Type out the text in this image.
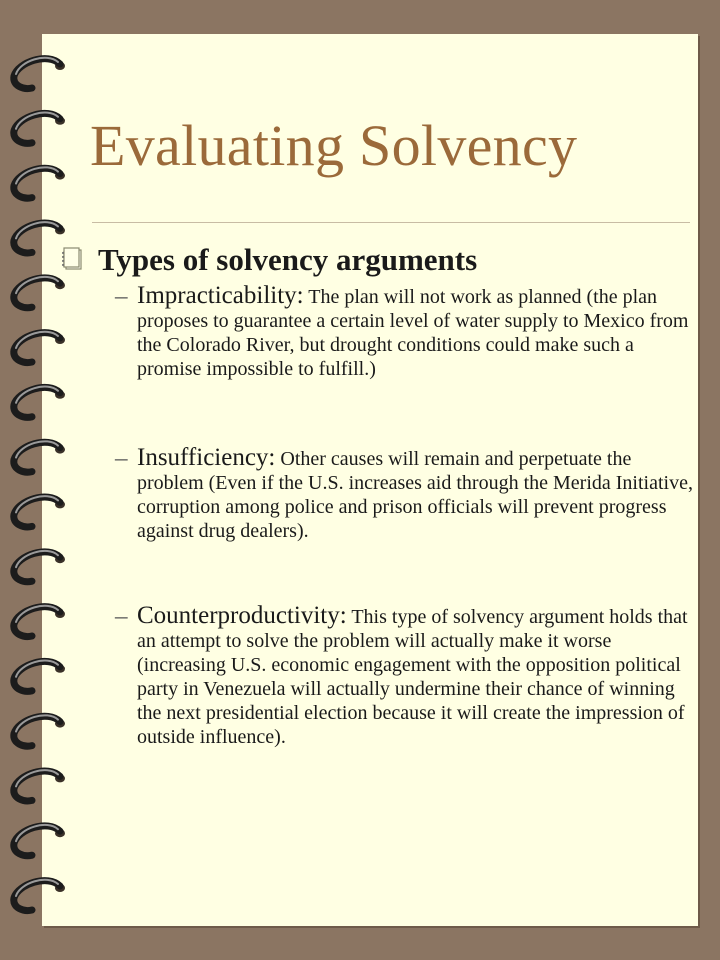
Evaluating Solvency
Types of solvency arguments
– Impracticability: The plan will not work as planned (the plan proposes to guarantee a certain level of water supply to Mexico from the Colorado River, but drought conditions could make such a promise impossible to fulfill.)

– Insufficiency: Other causes will remain and perpetuate the problem (Even if the U.S. increases aid through the Merida Initiative, corruption among police and prison officials will prevent progress against drug dealers).

– Counterproductivity: This type of solvency argument holds that an attempt to solve the problem will actually make it worse (increasing U.S. economic engagement with the opposition political party in Venezuela will actually undermine their chance of winning the next presidential election because it will create the impression of outside influence).
